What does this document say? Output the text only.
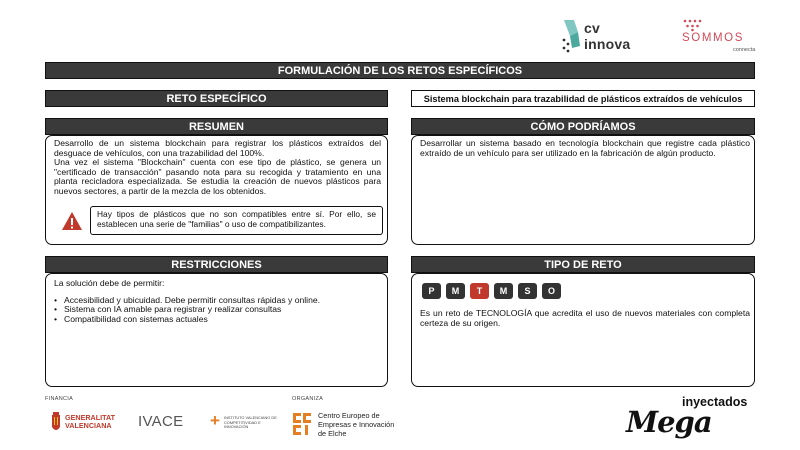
cv innova	SOMMOS
connecta
FORMULACIÓN DE LOS RETOS ESPECÍFICOS
RETO ESPECÍFICO	Sistema blockchain para trazabilidad de plásticos extraídos de vehículos
RESUMEN
Desarrollo de un sistema blockchain para registrar los plásticos extraídos del desguace de vehículos, con una trazabilidad del 100%.
Una vez el sistema "Blockchain" cuenta con ese tipo de plástico, se genera un "certificado de transacción" pasando nota para su recogida y tratamiento en una planta recicladora especializada. Se estudia la creación de nuevos plásticos para nuevos sectores, a partir de la mezcla de los obtenidos.
Hay tipos de plásticos que no son compatibles entre sí. Por ello, se establecen una serie de "familias" o uso de compatibilizantes.
CÓMO PODRÍAMOS
Desarrollar un sistema basado en tecnología blockchain que registre cada plástico extraído de un vehículo para ser utilizado en la fabricación de algún producto.
RESTRICCIONES
La solución debe de permitir:
• Accesibilidad y ubicuidad. Debe permitir consultas rápidas y online.
• Sistema con IA amable para registrar y realizar consultas
• Compatibilidad con sistemas actuales
TIPO DE RETO
P	M	T	M	S	O
Es un reto de TECNOLOGÍA que acredita el uso de nuevos materiales con completa certeza de su origen.
FINANCIA	ORGANIZA
GENERALITAT
VALENCIANA IVACE + INSTITUTO VALENCIANO DE COMPETITIVIDAD E INNOVACIÓN
Centro Europeo de
Empresas e Innovación
de Elche
inyectados
Mega
